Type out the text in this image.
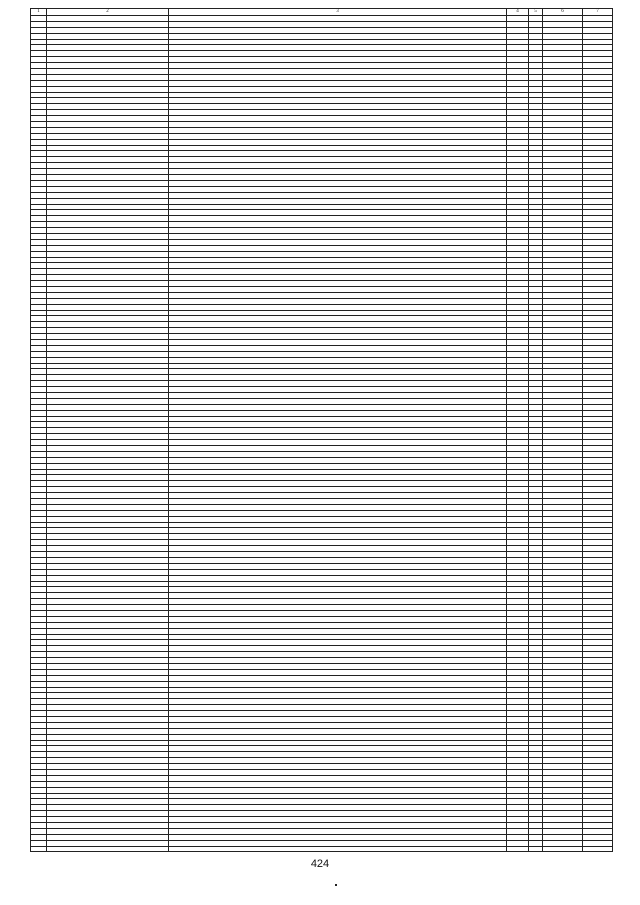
1	2	3	4	5	6	7

424
